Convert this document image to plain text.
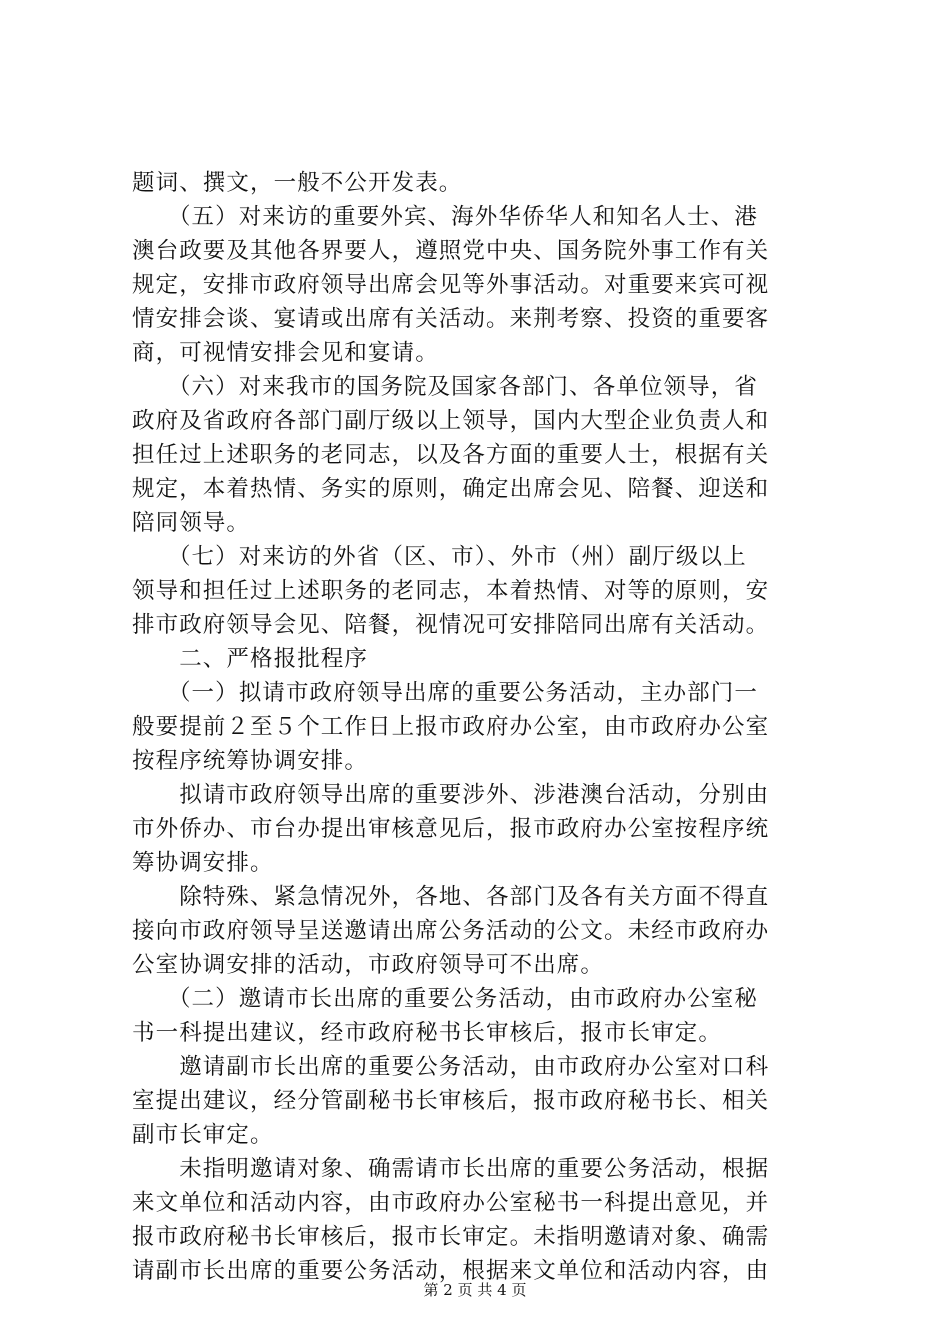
题词、撰文，一般不公开发表。
　　（五）对来访的重要外宾、海外华侨华人和知名人士、港
澳台政要及其他各界要人，遵照党中央、国务院外事工作有关
规定，安排市政府领导出席会见等外事活动。对重要来宾可视
情安排会谈、宴请或出席有关活动。来荆考察、投资的重要客
商，可视情安排会见和宴请。
　　（六）对来我市的国务院及国家各部门、各单位领导，省
政府及省政府各部门副厅级以上领导，国内大型企业负责人和
担任过上述职务的老同志，以及各方面的重要人士，根据有关
规定，本着热情、务实的原则，确定出席会见、陪餐、迎送和
陪同领导。
　　（七）对来访的外省（区、市）、外市（州）副厅级以上
领导和担任过上述职务的老同志，本着热情、对等的原则，安
排市政府领导会见、陪餐，视情况可安排陪同出席有关活动。
　　二、严格报批程序
　　（一）拟请市政府领导出席的重要公务活动，主办部门一
般要提前２至５个工作日上报市政府办公室，由市政府办公室
按程序统筹协调安排。
　　拟请市政府领导出席的重要涉外、涉港澳台活动，分别由
市外侨办、市台办提出审核意见后，报市政府办公室按程序统
筹协调安排。
　　除特殊、紧急情况外，各地、各部门及各有关方面不得直
接向市政府领导呈送邀请出席公务活动的公文。未经市政府办
公室协调安排的活动，市政府领导可不出席。
　　（二）邀请市长出席的重要公务活动，由市政府办公室秘
书一科提出建议，经市政府秘书长审核后，报市长审定。
　　邀请副市长出席的重要公务活动，由市政府办公室对口科
室提出建议，经分管副秘书长审核后，报市政府秘书长、相关
副市长审定。
　　未指明邀请对象、确需请市长出席的重要公务活动，根据
来文单位和活动内容，由市政府办公室秘书一科提出意见，并
报市政府秘书长审核后，报市长审定。未指明邀请对象、确需
请副市长出席的重要公务活动，根据来文单位和活动内容，由
第 2 页 共 4 页
